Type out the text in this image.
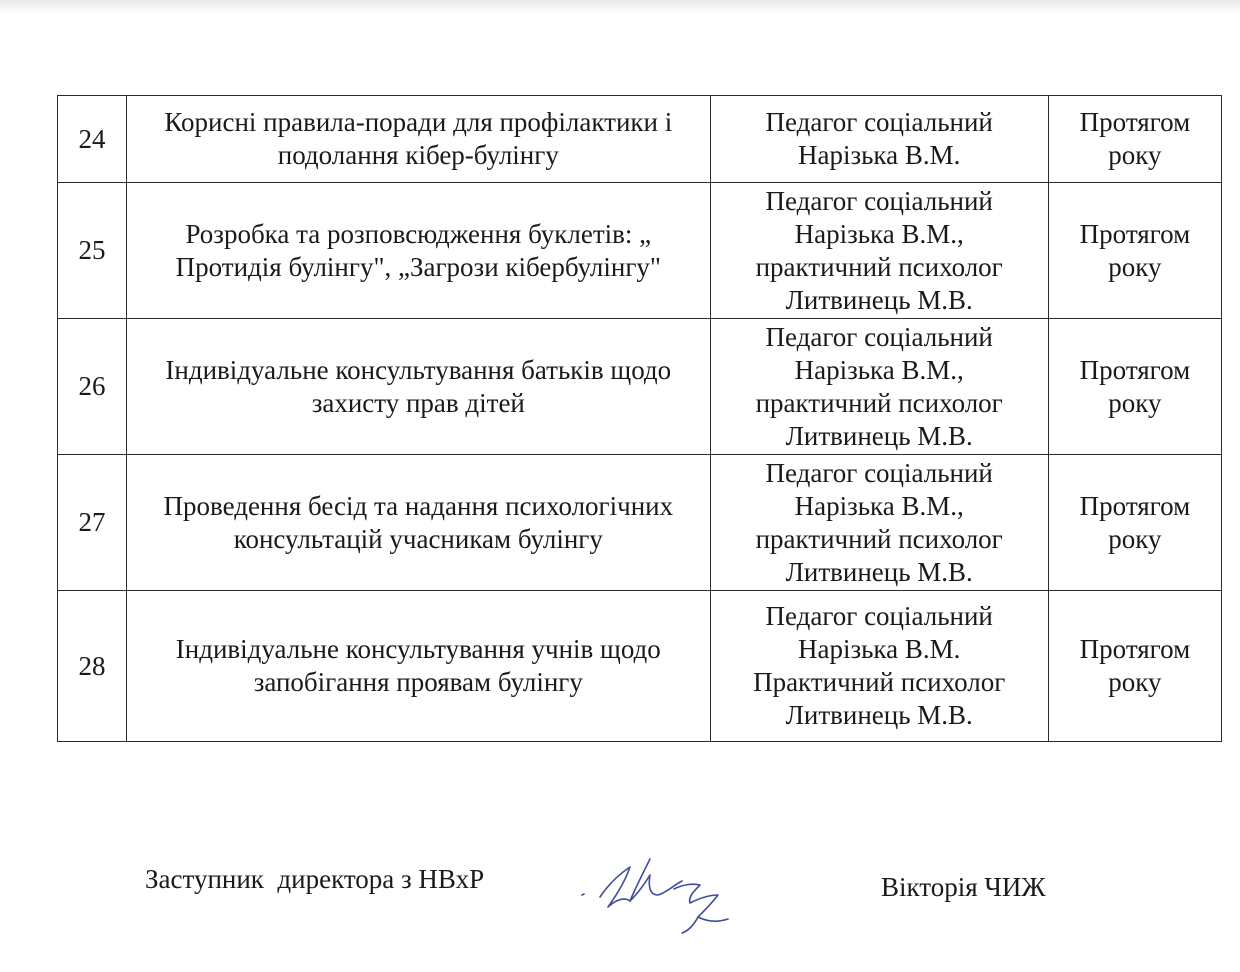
24	Корисні правила-поради для профілактики і
подолання кібер-булінгу	Педагог соціальний
Нарізька В.М.	Протягом
року

25	Розробка та розповсюдження буклетів: „
Протидія булінгу", „Загрози кібербулінгу"	Педагог соціальний
Нарізька В.М.,
практичний психолог
Литвинець М.В.	Протягом
року

26	Індивідуальне консультування батьків щодо
захисту прав дітей	Педагог соціальний
Нарізька В.М.,
практичний психолог
Литвинець М.В.	Протягом
року

27	Проведення бесід та надання психологічних
консультацій учасникам булінгу	Педагог соціальний
Нарізька В.М.,
практичний психолог
Литвинець М.В.	Протягом
року

28	Індивідуальне консультування учнів щодо
запобігання проявам булінгу	Педагог соціальний
Нарізька В.М.
Практичний психолог
Литвинець М.В.	Протягом
року
Заступник  директора з НВхР	Вікторія ЧИЖ
